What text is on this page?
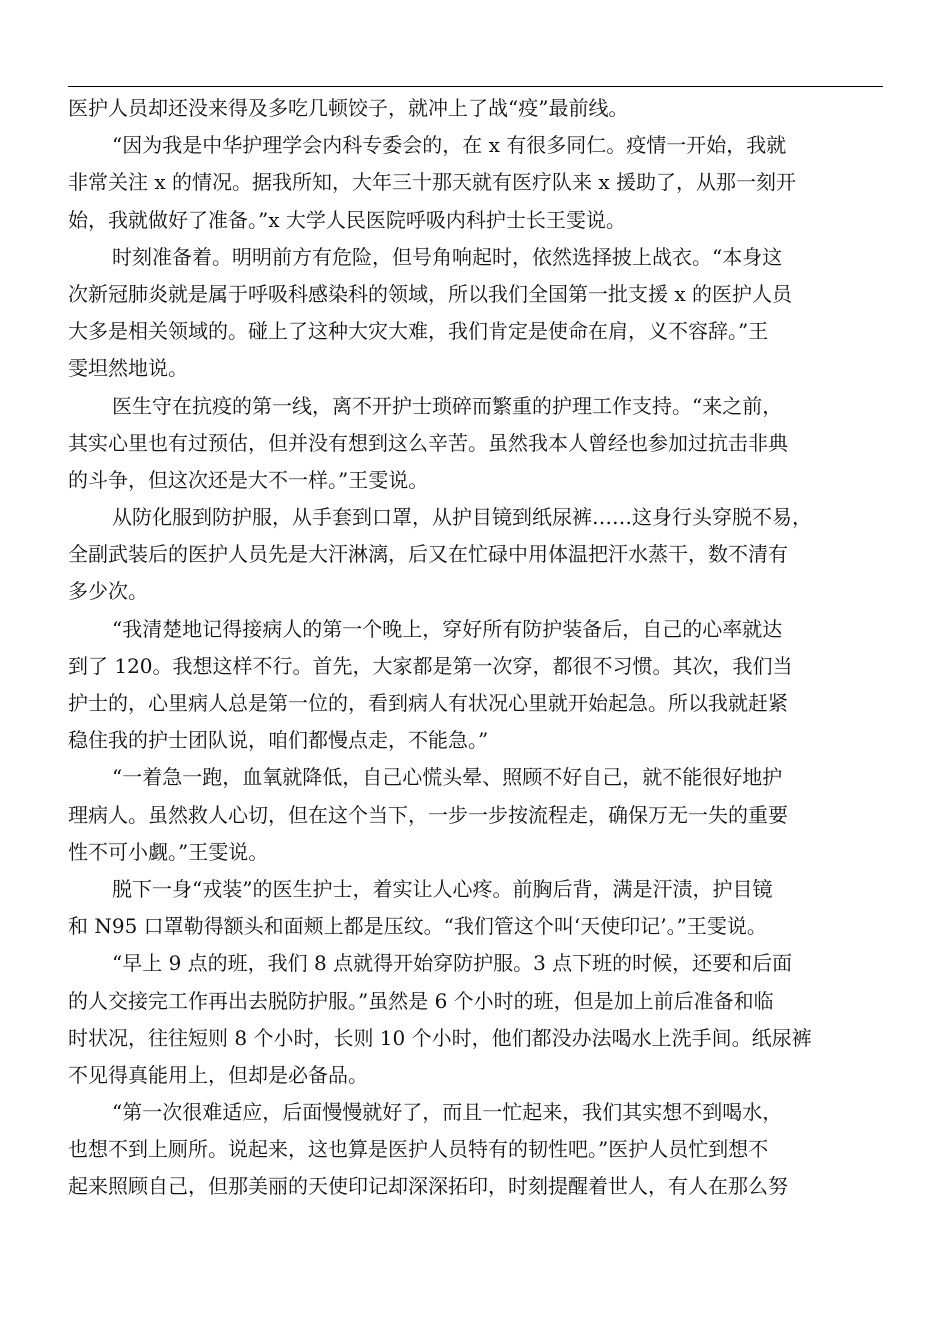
医护人员却还没来得及多吃几顿饺子，就冲上了战“疫”最前线。
“因为我是中华护理学会内科专委会的，在 x 有很多同仁。疫情一开始，我就
非常关注 x 的情况。据我所知，大年三十那天就有医疗队来 x 援助了，从那一刻开
始，我就做好了准备。”x 大学人民医院呼吸内科护士长王雯说。
时刻准备着。明明前方有危险，但号角响起时，依然选择披上战衣。“本身这
次新冠肺炎就是属于呼吸科感染科的领域，所以我们全国第一批支援 x 的医护人员
大多是相关领域的。碰上了这种大灾大难，我们肯定是使命在肩，义不容辞。”王
雯坦然地说。
医生守在抗疫的第一线，离不开护士琐碎而繁重的护理工作支持。“来之前，
其实心里也有过预估，但并没有想到这么辛苦。虽然我本人曾经也参加过抗击非典
的斗争，但这次还是大不一样。”王雯说。
从防化服到防护服，从手套到口罩，从护目镜到纸尿裤……这身行头穿脱不易，
全副武装后的医护人员先是大汗淋漓，后又在忙碌中用体温把汗水蒸干，数不清有
多少次。
“我清楚地记得接病人的第一个晚上，穿好所有防护装备后，自己的心率就达
到了 120。我想这样不行。首先，大家都是第一次穿，都很不习惯。其次，我们当
护士的，心里病人总是第一位的，看到病人有状况心里就开始起急。所以我就赶紧
稳住我的护士团队说，咱们都慢点走，不能急。”
“一着急一跑，血氧就降低，自己心慌头晕、照顾不好自己，就不能很好地护
理病人。虽然救人心切，但在这个当下，一步一步按流程走，确保万无一失的重要
性不可小觑。”王雯说。
脱下一身“戎装”的医生护士，着实让人心疼。前胸后背，满是汗渍，护目镜
和 N95 口罩勒得额头和面颊上都是压纹。“我们管这个叫‘天使印记’。”王雯说。
“早上 9 点的班，我们 8 点就得开始穿防护服。3 点下班的时候，还要和后面
的人交接完工作再出去脱防护服。”虽然是 6 个小时的班，但是加上前后准备和临
时状况，往往短则 8 个小时，长则 10 个小时，他们都没办法喝水上洗手间。纸尿裤
不见得真能用上，但却是必备品。
“第一次很难适应，后面慢慢就好了，而且一忙起来，我们其实想不到喝水，
也想不到上厕所。说起来，这也算是医护人员特有的韧性吧。”医护人员忙到想不
起来照顾自己，但那美丽的天使印记却深深拓印，时刻提醒着世人，有人在那么努
